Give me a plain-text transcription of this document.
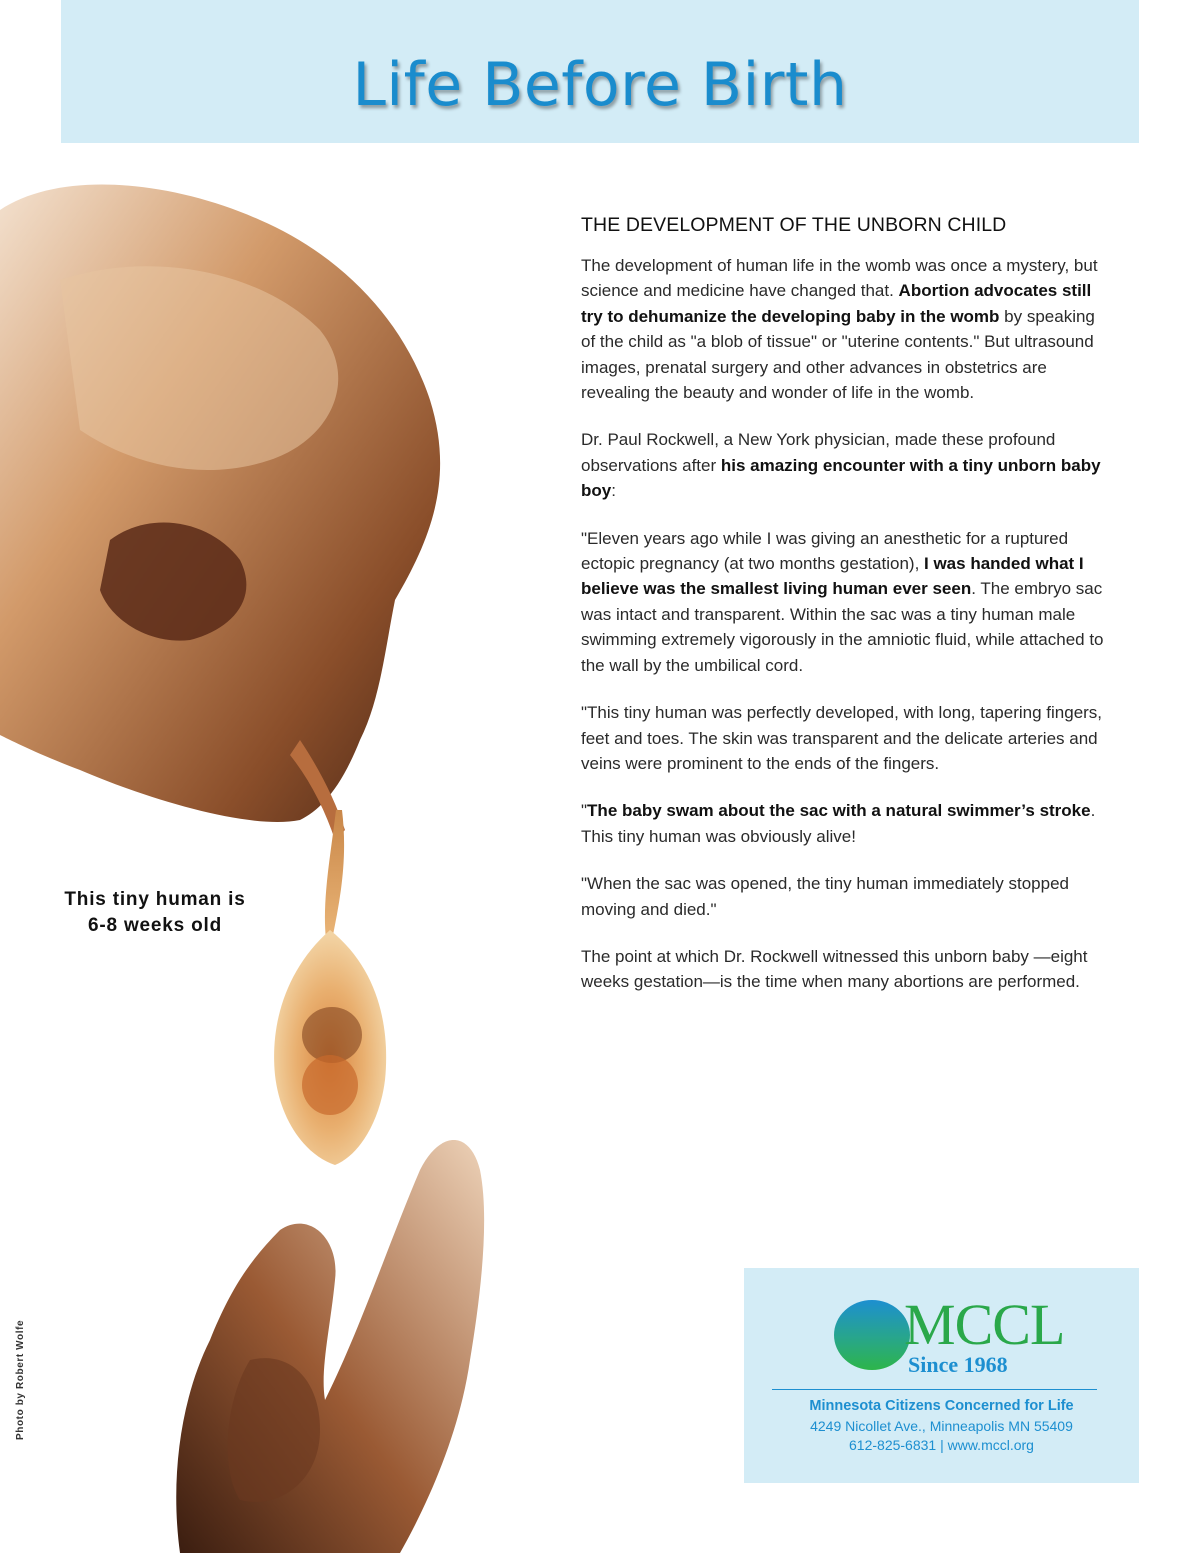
Life Before Birth
This tiny human is
6-8 weeks old
Photo by Robert Wolfe
THE DEVELOPMENT OF THE UNBORN CHILD

The development of human life in the womb was once a mystery, but science and medicine have changed that. Abortion advocates still try to dehumanize the developing baby in the womb by speaking of the child as "a blob of tissue" or "uterine contents." But ultrasound images, prenatal surgery and other advances in obstetrics are revealing the beauty and wonder of life in the womb.

Dr. Paul Rockwell, a New York physician, made these profound observations after his amazing encounter with a tiny unborn baby boy:

"Eleven years ago while I was giving an anesthetic for a ruptured ectopic pregnancy (at two months gestation), I was handed what I believe was the smallest living human ever seen. The embryo sac was intact and transparent. Within the sac was a tiny human male swimming extremely vigorously in the amniotic fluid, while attached to the wall by the umbilical cord.

"This tiny human was perfectly developed, with long, tapering fingers, feet and toes. The skin was transparent and the delicate arteries and veins were prominent to the ends of the fingers.

"The baby swam about the sac with a natural swimmer’s stroke. This tiny human was obviously alive!

"When the sac was opened, the tiny human immediately stopped moving and died."

The point at which Dr. Rockwell witnessed this unborn baby —eight weeks gestation—is the time when many abortions are performed.

MCCL
Since 1968
Minnesota Citizens Concerned for Life
4249 Nicollet Ave., Minneapolis MN 55409
612-825-6831 | www.mccl.org
